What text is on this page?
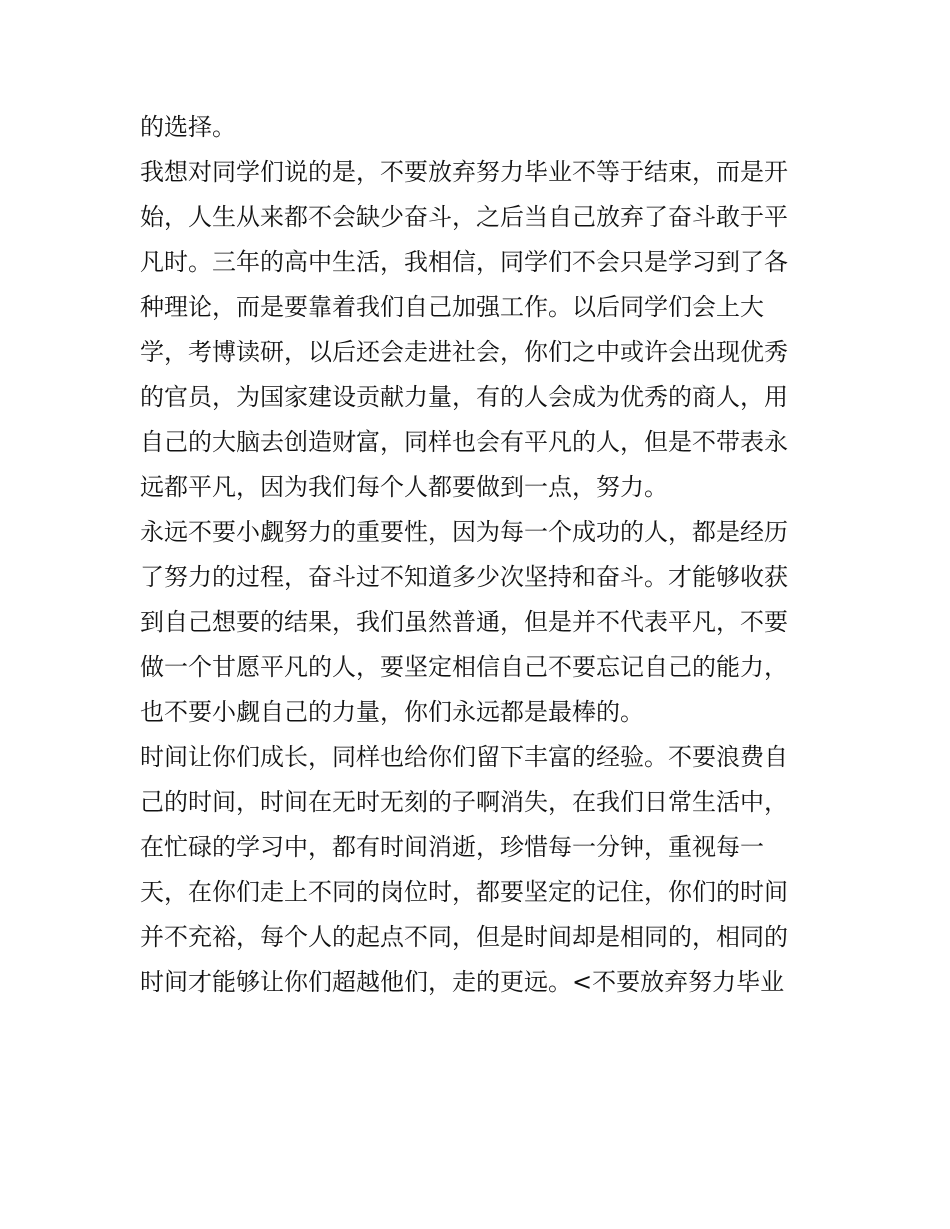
的选择。
我想对同学们说的是，不要放弃努力毕业不等于结束，而是开
始，人生从来都不会缺少奋斗，之后当自己放弃了奋斗敢于平
凡时。三年的高中生活，我相信，同学们不会只是学习到了各
种理论，而是要靠着我们自己加强工作。以后同学们会上大
学，考博读研，以后还会走进社会，你们之中或许会出现优秀
的官员，为国家建设贡献力量，有的人会成为优秀的商人，用
自己的大脑去创造财富，同样也会有平凡的人，但是不带表永
远都平凡，因为我们每个人都要做到一点，努力。
永远不要小觑努力的重要性，因为每一个成功的人，都是经历
了努力的过程，奋斗过不知道多少次坚持和奋斗。才能够收获
到自己想要的结果，我们虽然普通，但是并不代表平凡，不要
做一个甘愿平凡的人，要坚定相信自己不要忘记自己的能力，
也不要小觑自己的力量，你们永远都是最棒的。
时间让你们成长，同样也给你们留下丰富的经验。不要浪费自
己的时间，时间在无时无刻的子啊消失，在我们日常生活中，
在忙碌的学习中，都有时间消逝，珍惜每一分钟，重视每一
天，在你们走上不同的岗位时，都要坚定的记住，你们的时间
并不充裕，每个人的起点不同，但是时间却是相同的，相同的
时间才能够让你们超越他们，走的更远。<不要放弃努力毕业
